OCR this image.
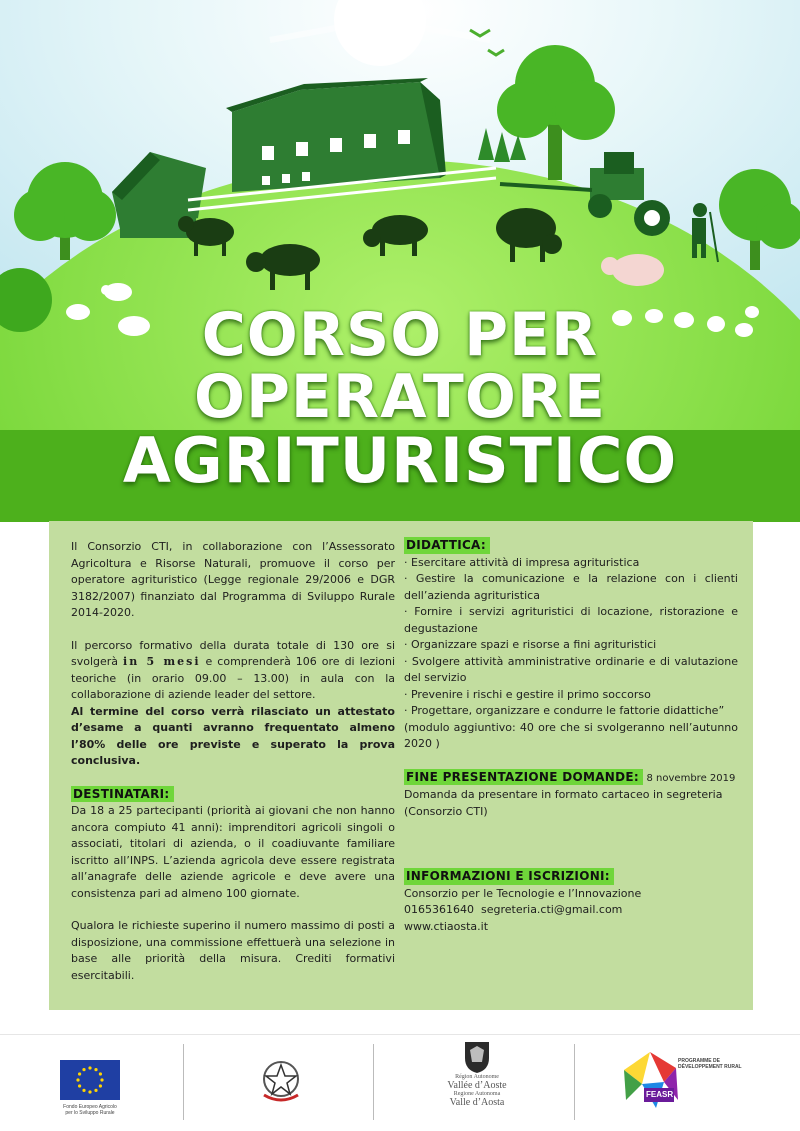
CORSO PER
OPERATORE
AGRITURISTICO

Il Consorzio CTI, in collaborazione con l’Assessorato Agricoltura e Risorse Naturali, promuove il corso per operatore agrituristico (Legge regionale 29/2006 e DGR 3182/2007) finanziato dal Programma di Sviluppo Rurale 2014-2020.

Il percorso formativo della durata totale di 130 ore si svolgerà in 5 mesi e comprenderà 106 ore di lezioni teoriche (in orario 09.00 – 13.00) in aula con la collaborazione di aziende leader del settore.

Al termine del corso verrà rilasciato un attestato d’esame a quanti avranno frequentato almeno l’80% delle ore previste e superato la prova conclusiva.

DESTINATARI:

Da 18 a 25 partecipanti (priorità ai giovani che non hanno ancora compiuto 41 anni): imprenditori agricoli singoli o associati, titolari di azienda, o il coadiuvante familiare iscritto all’INPS. L’azienda agricola deve essere registrata all’anagrafe delle aziende agricole e deve avere una consistenza pari ad almeno 100 giornate.

Qualora le richieste superino il numero massimo di posti a disposizione, una commissione effettuerà una selezione in base alle priorità della misura. Crediti formativi esercitabili.

DIDATTICA:

· Esercitare attività di impresa agrituristica

· Gestire la comunicazione e la relazione con i clienti dell’azienda agrituristica

· Fornire i servizi agrituristici di locazione, ristorazione e degustazione

· Organizzare spazi e risorse a fini agrituristici

· Svolgere attività amministrative ordinarie e di valutazione del servizio

· Prevenire i rischi e gestire il primo soccorso

· Progettare, organizzare e condurre le fattorie didattiche”

(modulo aggiuntivo: 40 ore che si svolgeranno nell’autunno 2020 )

FINE PRESENTAZIONE DOMANDE: 8 novembre 2019 Domanda da presentare in formato cartaceo in segreteria (Consorzio CTI)

INFORMAZIONI E ISCRIZIONI:

Consorzio per le Tecnologie e l’Innovazione

0165361640 segreteria.cti@gmail.com

www.ctiaosta.it

Fondo Europeo Agricolo per lo Sviluppo Rurale
Région Autonome
Vallée d’Aoste
Regione Autonoma
Valle d’Aosta
FEASR
PROGRAMME DE DÉVELOPPEMENT RURAL
